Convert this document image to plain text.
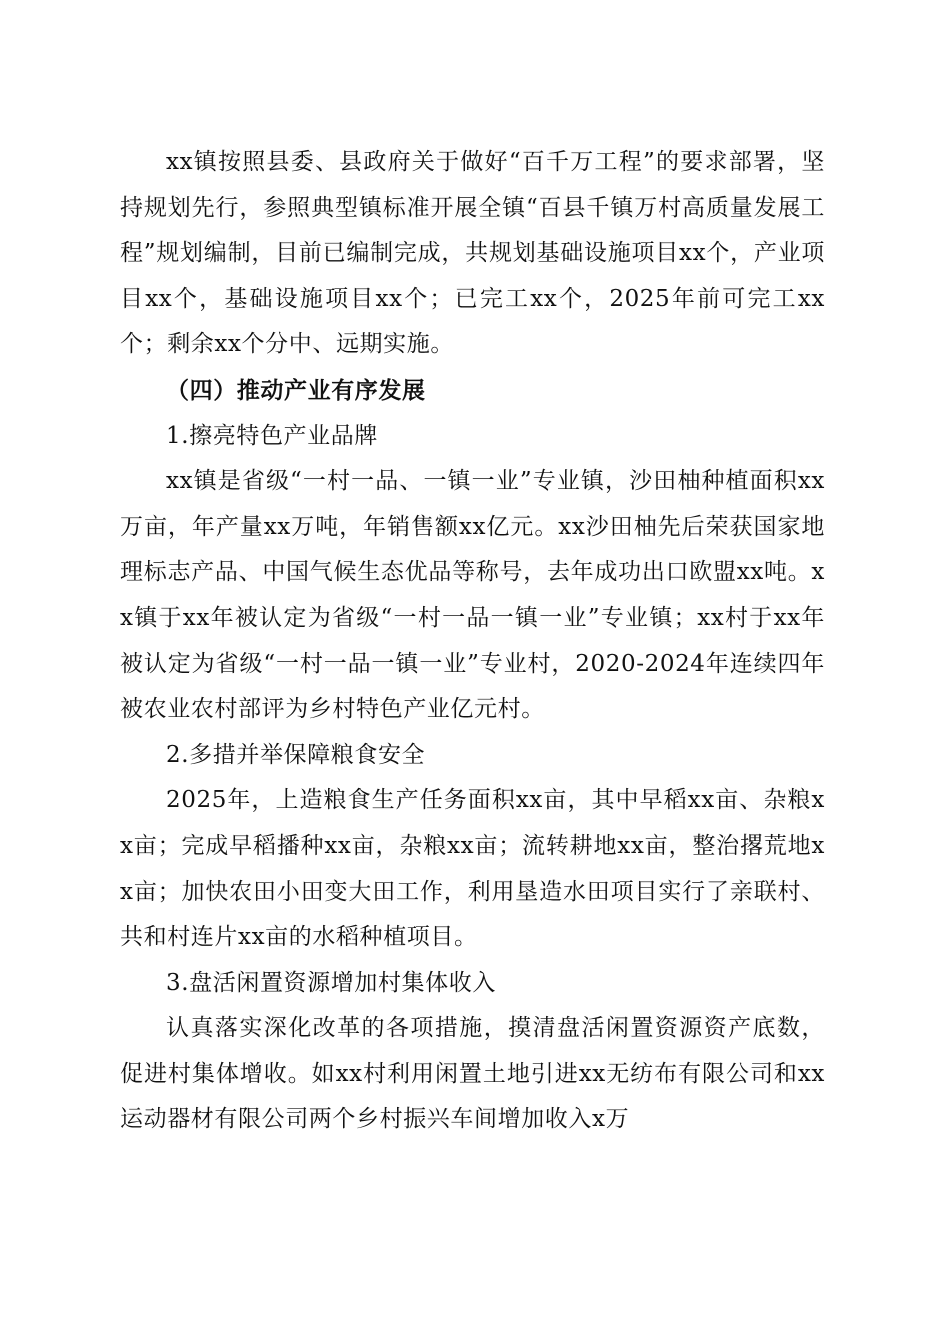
xx镇按照县委、县政府关于做好“百千万工程”的要求部署，坚持规划先行，参照典型镇标准开展全镇“百县千镇万村高质量发展工程”规划编制，目前已编制完成，共规划基础设施项目xx个，产业项目xx个，基础设施项目xx个；已完工xx个，2025年前可完工xx个；剩余xx个分中、远期实施。

（四）推动产业有序发展

1.擦亮特色产业品牌

xx镇是省级“一村一品、一镇一业”专业镇，沙田柚种植面积xx万亩，年产量xx万吨，年销售额xx亿元。xx沙田柚先后荣获国家地理标志产品、中国气候生态优品等称号，去年成功出口欧盟xx吨。xx镇于xx年被认定为省级“一村一品一镇一业”专业镇；xx村于xx年被认定为省级“一村一品一镇一业”专业村，2020-2024年连续四年被农业农村部评为乡村特色产业亿元村。

2.多措并举保障粮食安全

2025年，上造粮食生产任务面积xx亩，其中早稻xx亩、杂粮xx亩；完成早稻播种xx亩，杂粮xx亩；流转耕地xx亩，整治撂荒地xx亩；加快农田小田变大田工作，利用垦造水田项目实行了亲联村、共和村连片xx亩的水稻种植项目。

3.盘活闲置资源增加村集体收入

认真落实深化改革的各项措施，摸清盘活闲置资源资产底数，促进村集体增收。如xx村利用闲置土地引进xx无纺布有限公司和xx运动器材有限公司两个乡村振兴车间增加收入x万
